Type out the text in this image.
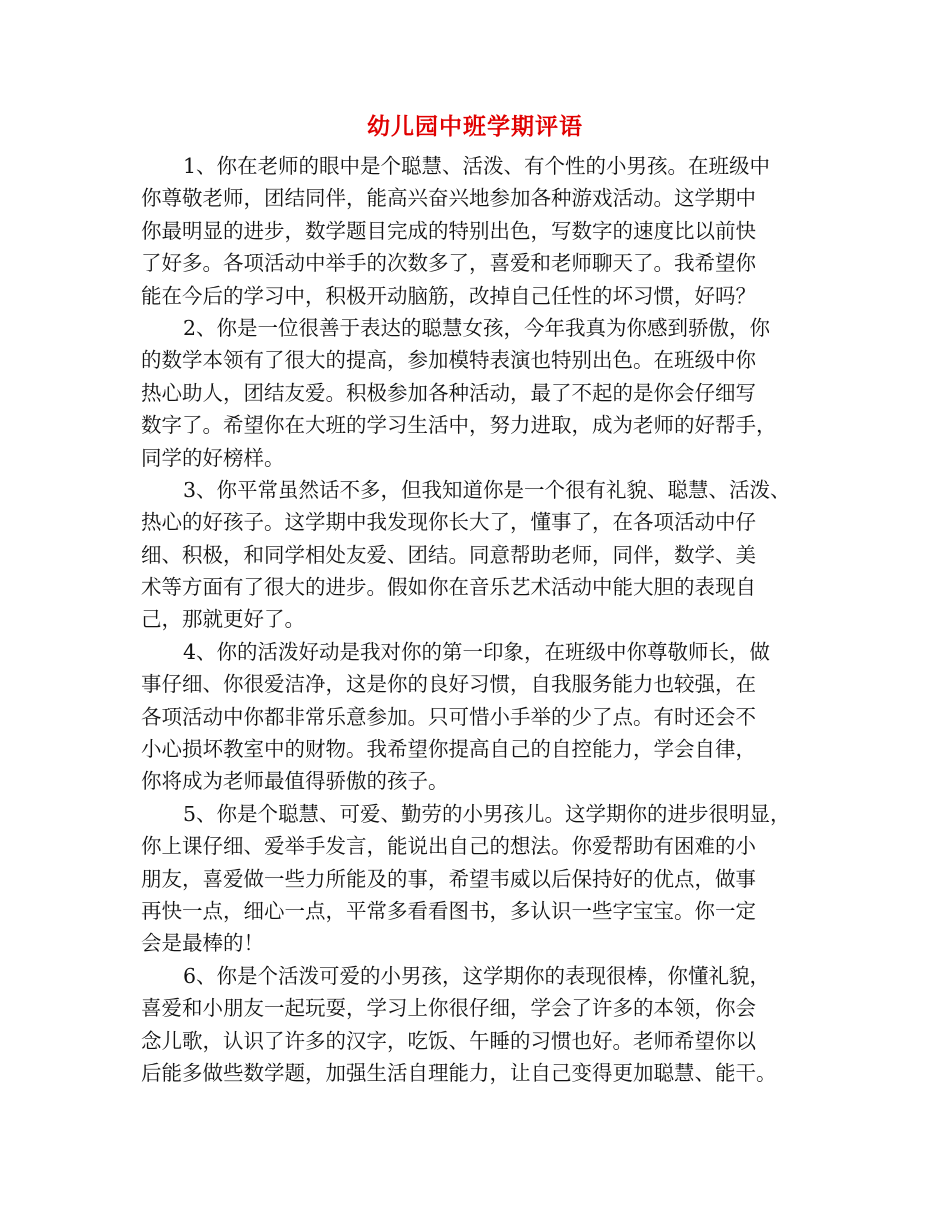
幼儿园中班学期评语
1、你在老师的眼中是个聪慧、活泼、有个性的小男孩。在班级中
你尊敬老师，团结同伴，能高兴奋兴地参加各种游戏活动。这学期中
你最明显的进步，数学题目完成的特别出色，写数字的速度比以前快
了好多。各项活动中举手的次数多了，喜爱和老师聊天了。我希望你
能在今后的学习中，积极开动脑筋，改掉自己任性的坏习惯，好吗？
2、你是一位很善于表达的聪慧女孩，今年我真为你感到骄傲，你
的数学本领有了很大的提高，参加模特表演也特别出色。在班级中你
热心助人，团结友爱。积极参加各种活动，最了不起的是你会仔细写
数字了。希望你在大班的学习生活中，努力进取，成为老师的好帮手，
同学的好榜样。
3、你平常虽然话不多，但我知道你是一个很有礼貌、聪慧、活泼、
热心的好孩子。这学期中我发现你长大了，懂事了，在各项活动中仔
细、积极，和同学相处友爱、团结。同意帮助老师，同伴，数学、美
术等方面有了很大的进步。假如你在音乐艺术活动中能大胆的表现自
己，那就更好了。
4、你的活泼好动是我对你的第一印象，在班级中你尊敬师长，做
事仔细、你很爱洁净，这是你的良好习惯，自我服务能力也较强，在
各项活动中你都非常乐意参加。只可惜小手举的少了点。有时还会不
小心损坏教室中的财物。我希望你提高自己的自控能力，学会自律，
你将成为老师最值得骄傲的孩子。
5、你是个聪慧、可爱、勤劳的小男孩儿。这学期你的进步很明显，
你上课仔细、爱举手发言，能说出自己的想法。你爱帮助有困难的小
朋友，喜爱做一些力所能及的事，希望韦威以后保持好的优点，做事
再快一点，细心一点，平常多看看图书，多认识一些字宝宝。你一定
会是最棒的！
6、你是个活泼可爱的小男孩，这学期你的表现很棒，你懂礼貌，
喜爱和小朋友一起玩耍，学习上你很仔细，学会了许多的本领，你会
念儿歌，认识了许多的汉字，吃饭、午睡的习惯也好。老师希望你以
后能多做些数学题，加强生活自理能力，让自己变得更加聪慧、能干。
